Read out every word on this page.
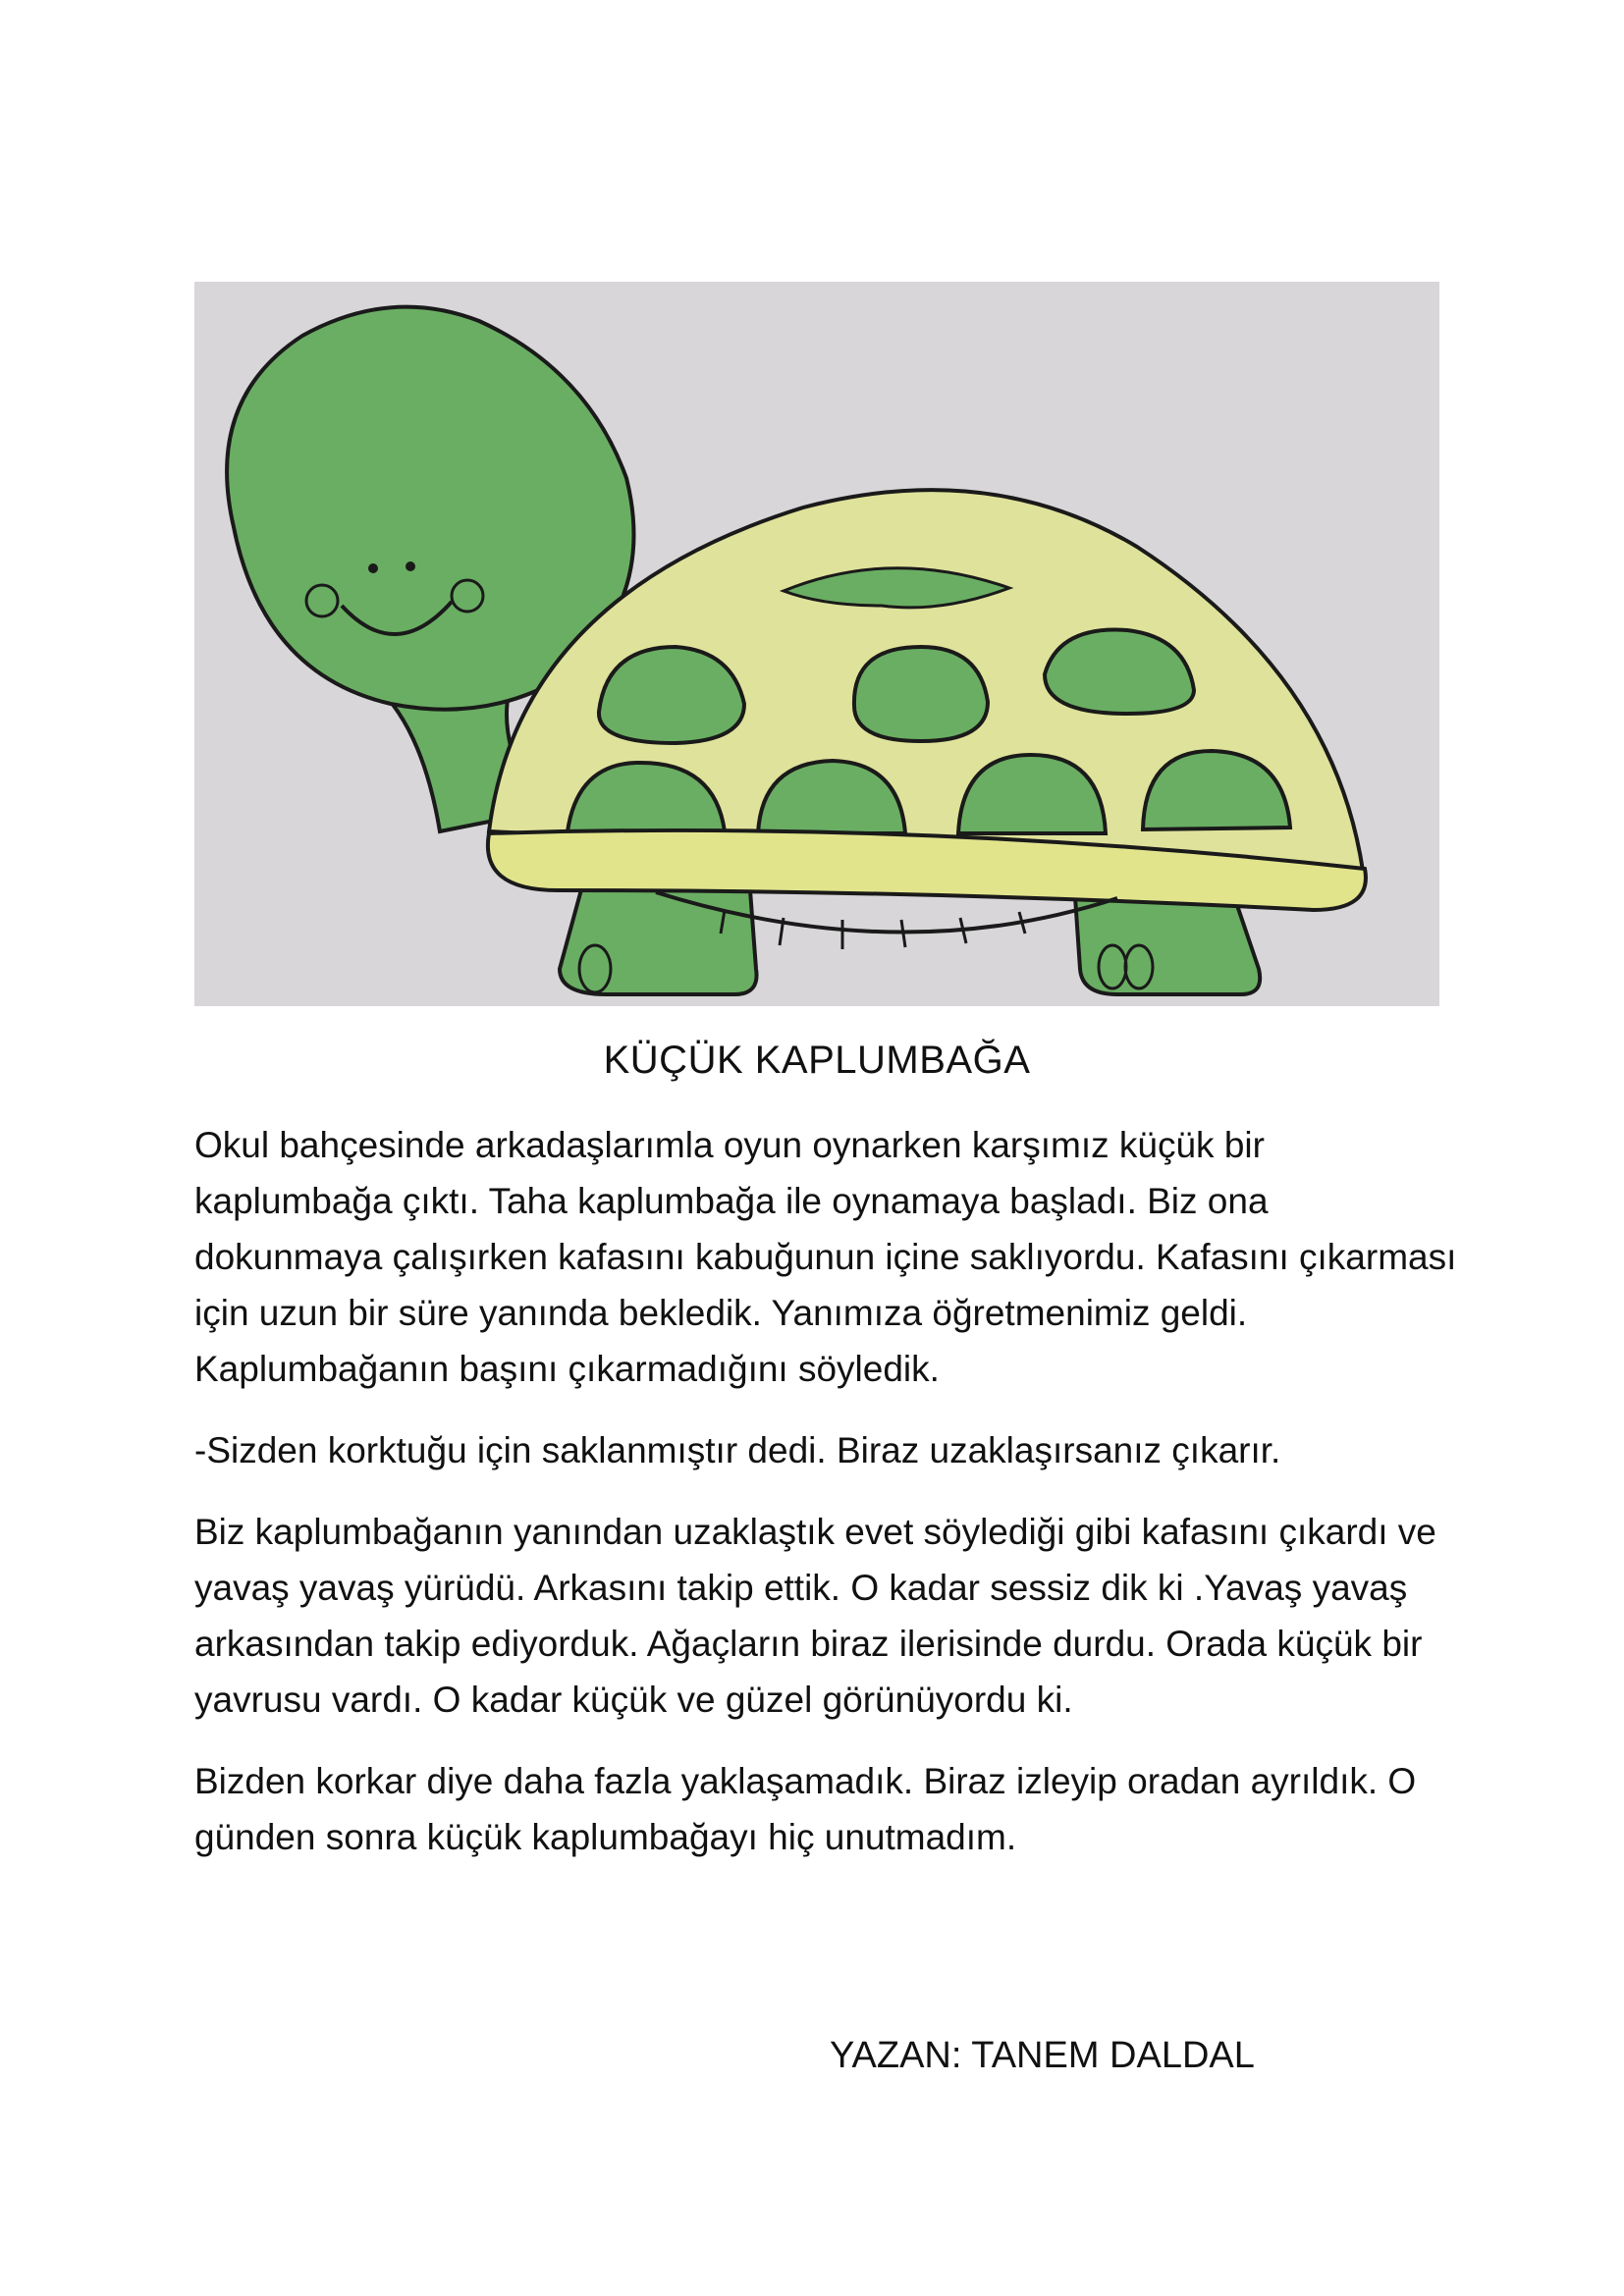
KÜÇÜK KAPLUMBAĞA

Okul bahçesinde arkadaşlarımla oyun oynarken karşımız küçük bir kaplumbağa çıktı. Taha kaplumbağa ile oynamaya başladı. Biz ona dokunmaya çalışırken kafasını kabuğunun içine saklıyordu. Kafasını çıkarması için uzun bir süre yanında bekledik. Yanımıza öğretmenimiz geldi. Kaplumbağanın başını çıkarmadığını söyledik.

-Sizden korktuğu için saklanmıştır dedi. Biraz uzaklaşırsanız çıkarır.

Biz kaplumbağanın yanından uzaklaştık evet söylediği gibi kafasını çıkardı ve yavaş yavaş yürüdü. Arkasını takip ettik. O kadar sessiz dik ki .Yavaş yavaş arkasından takip ediyorduk. Ağaçların biraz ilerisinde durdu. Orada küçük bir yavrusu vardı. O kadar küçük ve güzel görünüyordu ki.

Bizden korkar diye daha fazla yaklaşamadık. Biraz izleyip oradan ayrıldık. O günden sonra küçük kaplumbağayı hiç unutmadım.

YAZAN: TANEM DALDAL
